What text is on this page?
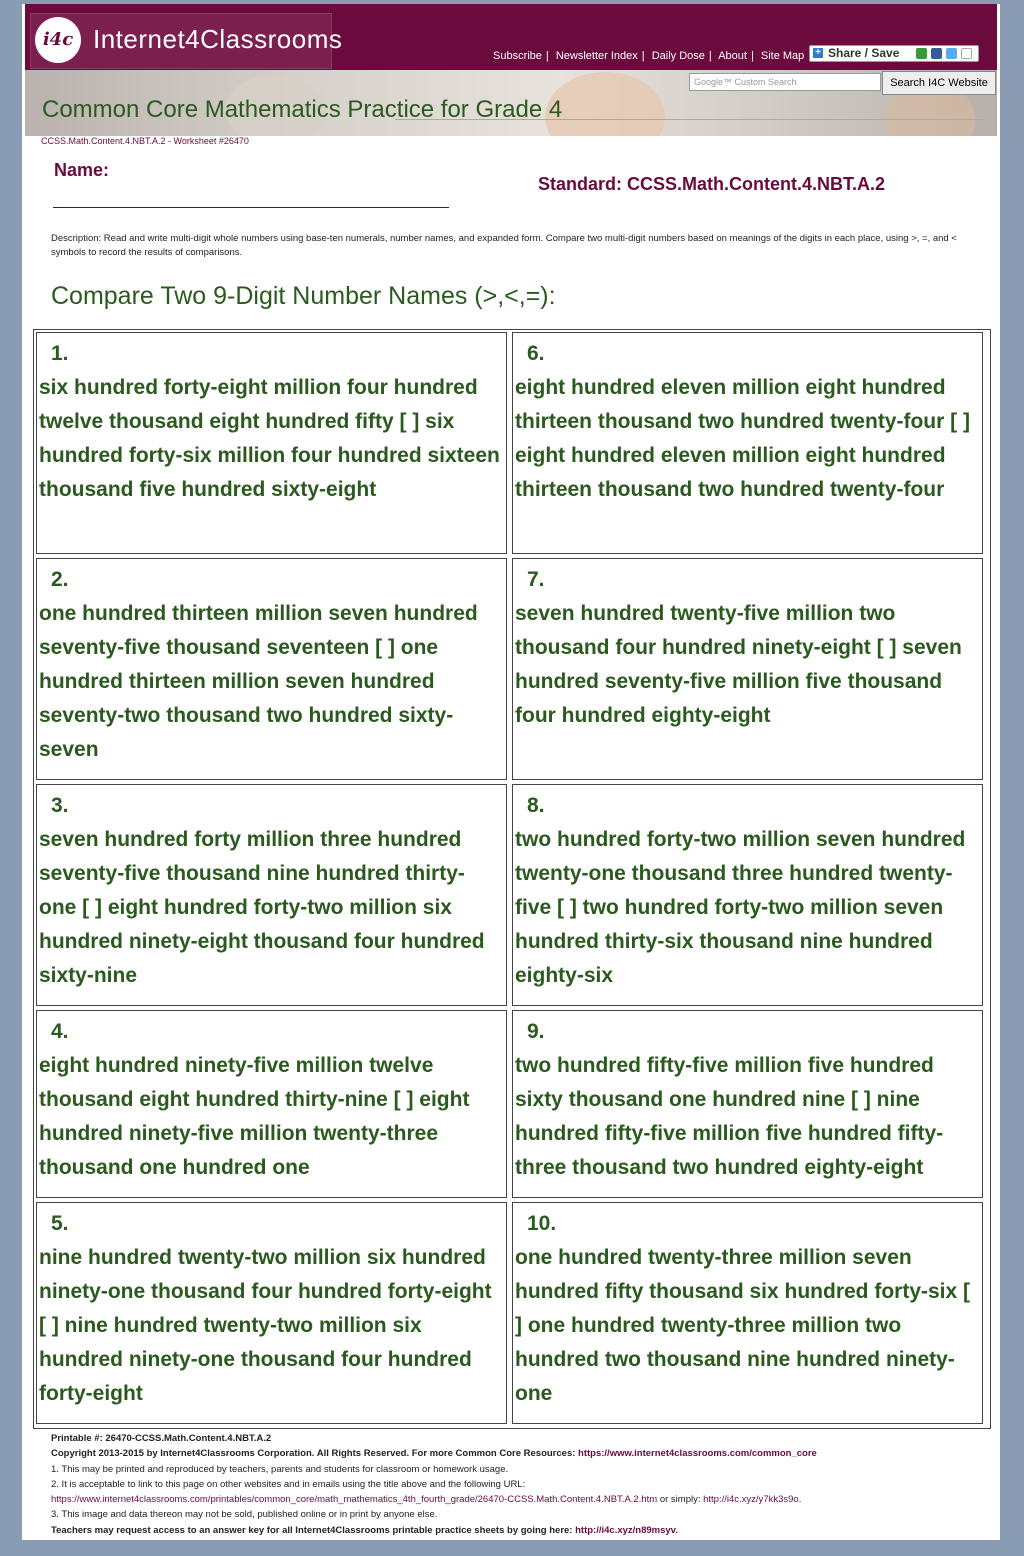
i4c Internet4Classrooms
Subscribe | Newsletter Index | Daily Dose | About | Site Map + Share / Save
Google™ Custom Search	Search I4C Website
Common Core Mathematics Practice for Grade 4
CCSS.Math.Content.4.NBT.A.2 - Worksheet #26470
Name:
Standard: CCSS.Math.Content.4.NBT.A.2
Description: Read and write multi-digit whole numbers using base-ten numerals, number names, and expanded form. Compare two multi-digit numbers based on meanings of the digits in each place, using >, =, and < symbols to record the results of comparisons.
Compare Two 9-Digit Number Names (>,<,=):
1.
six hundred forty-eight million four hundred twelve thousand eight hundred fifty [ ] six hundred forty-six million four hundred sixteen thousand five hundred sixty-eight
2.
one hundred thirteen million seven hundred seventy-five thousand seventeen [ ] one hundred thirteen million seven hundred seventy-two thousand two hundred sixty-seven
3.
seven hundred forty million three hundred seventy-five thousand nine hundred thirty-one [ ] eight hundred forty-two million six hundred ninety-eight thousand four hundred sixty-nine
4.
eight hundred ninety-five million twelve thousand eight hundred thirty-nine [ ] eight hundred ninety-five million twenty-three thousand one hundred one
5.
nine hundred twenty-two million six hundred ninety-one thousand four hundred forty-eight [ ] nine hundred twenty-two million six hundred ninety-one thousand four hundred forty-eight
6.
eight hundred eleven million eight hundred thirteen thousand two hundred twenty-four [ ] eight hundred eleven million eight hundred thirteen thousand two hundred twenty-four
7.
seven hundred twenty-five million two thousand four hundred ninety-eight [ ] seven hundred seventy-five million five thousand four hundred eighty-eight
8.
two hundred forty-two million seven hundred twenty-one thousand three hundred twenty-five [ ] two hundred forty-two million seven hundred thirty-six thousand nine hundred eighty-six
9.
two hundred fifty-five million five hundred sixty thousand one hundred nine [ ] nine hundred fifty-five million five hundred fifty-three thousand two hundred eighty-eight
10.
one hundred twenty-three million seven hundred fifty thousand six hundred forty-six [ ] one hundred twenty-three million two hundred two thousand nine hundred ninety-one
Printable #: 26470-CCSS.Math.Content.4.NBT.A.2
Copyright 2013-2015 by Internet4Classrooms Corporation. All Rights Reserved. For more Common Core Resources: https://www.internet4classrooms.com/common_core
1. This may be printed and reproduced by teachers, parents and students for classroom or homework usage.
2. It is acceptable to link to this page on other websites and in emails using the title above and the following URL:
https://www.internet4classrooms.com/printables/common_core/math_mathematics_4th_fourth_grade/26470-CCSS.Math.Content.4.NBT.A.2.htm or simply: http://i4c.xyz/y7kk3s9o.
3. This image and data thereon may not be sold, published online or in print by anyone else.
Teachers may request access to an answer key for all Internet4Classrooms printable practice sheets by going here: http://i4c.xyz/n89msyv.
